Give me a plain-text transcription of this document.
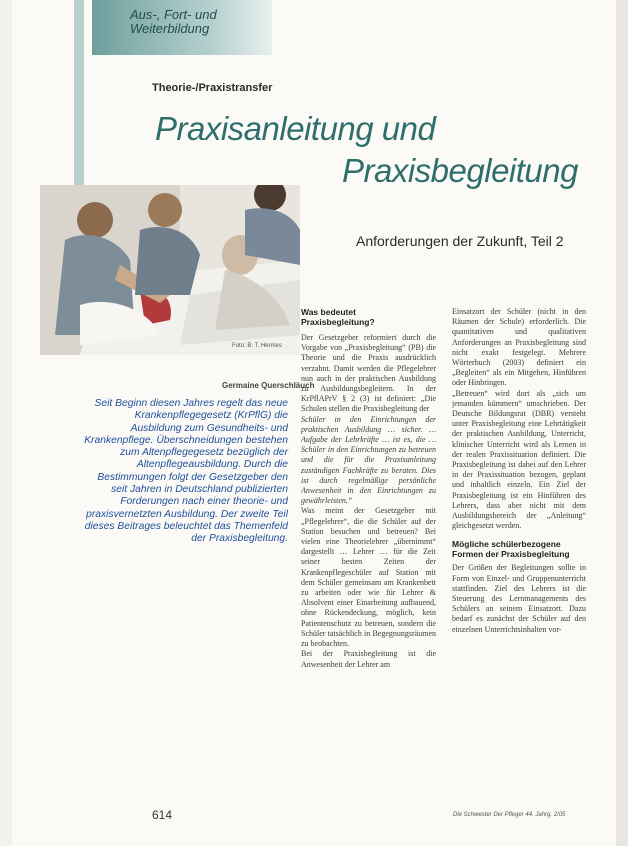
Aus-, Fort- und
Weiterbildung
Theorie-/Praxistransfer
Praxisanleitung und
Praxisbegleitung
Anforderungen der Zukunft, Teil 2
Foto: B. T. Hermes
Germaine Querschläuch
Seit Beginn diesen Jahres regelt das neue Krankenpflegegesetz (KrPflG) die Ausbildung zum Gesundheits- und Krankenpflege. Überschneidungen bestehen zum Altenpflegegesetz bezüglich der Altenpflegeausbildung. Durch die Bestimmungen folgt der Gesetzgeber den seit Jahren in Deutschland publizierten Forderungen nach einer theorie- und praxisvernetzten Ausbildung. Der zweite Teil dieses Beitrages beleuchtet das Themenfeld der Praxisbegleitung.
Was bedeutet
Praxisbegleitung?

Der Gesetzgeber reformiert durch die Vorgabe von „Praxisbegleitung“ (PB) die Theorie und die Praxis ausdrücklich verzahnt. Damit werden die Pflegelehrer nun auch in der praktischen Ausbildung zu Ausbildungsbegleitern. In der KrPflAPrV § 2 (3) ist definiert: „Die Schulen stellen die Praxisbegleitung der

Schüler in den Einrichtungen der praktischen Ausbildung … sicher. … Aufgabe der Lehrkräfte … ist es, die … Schüler in den Einrichtungen zu betreuen und die für die Praxisanleitung zuständigen Fachkräfte zu beraten. Dies ist durch regelmäßige persönliche Anwesenheit in den Einrichtungen zu gewährleisten.“

Was meint der Gesetzgeber mit „Pflegelehrer“, die die Schüler auf der Station besuchen und betreuen? Bei vielen eine Theorielehrer „übernimmt“ dargestellt … Lehrer … für die Zeit seiner besten Zeiten der Krankenpflegeschüler auf Station mit dem Schüler gemeinsam am Krankenbett zu arbeiten oder wie für Lehrer & Absolvent einer Einarbeitung aufbauend, ohne Rückendeckung, möglich, kein Patientenschutz zu betreuen, sondern die Schüler tatsächlich in Begegnungsräumen zu beobachten.

Bei der Praxisbegleitung ist die Anwesenheit der Lehrer am

Einsatzort der Schüler (nicht in den Räumen der Schule) erforderlich. Die quantitativen und qualitativen Anforderungen an Praxisbegleitung sind nicht exakt festgelegt. Mehrere Wörterbuch (2003) definiert ein „Begleiten“ als ein Mitgehen, Hinführen oder Hinbringen.

„Betreuen“ wird dort als „sich um jemanden kümmern“ umschrieben. Der Deutsche Bildungsrat (DBR) versteht unter Praxisbegleitung eine Lehrtätigkeit der praktischen Ausbildung, Unterricht, klinischer Unterricht wird als Lernen in der realen Praxissituation definiert. Die Praxisbegleitung ist dabei auf den Lehrer in der Praxissituation bezogen, geplant und inhaltlich einzeln. Ein Ziel der Praxisbegleitung ist ein Hinführen des Lehrers, dass aber nicht mit dem Ausbildungsbereich der „Anleitung“ gleichgesetzt werden.

Mögliche schülerbezogene
Formen der Praxisbegleitung

Der Größen der Begleitungen sollte in Form von Einzel- und Gruppenunterricht stattfinden. Ziel des Lehrers ist die Steuerung des Lernmanagements des Schülers an seinem Einsatzort. Dazu bedarf es zunächst der Schüler auf den einzelnen Unterrichtsinhalten vor-

614	Die Schwester Der Pfleger 44. Jahrg. 2/05
